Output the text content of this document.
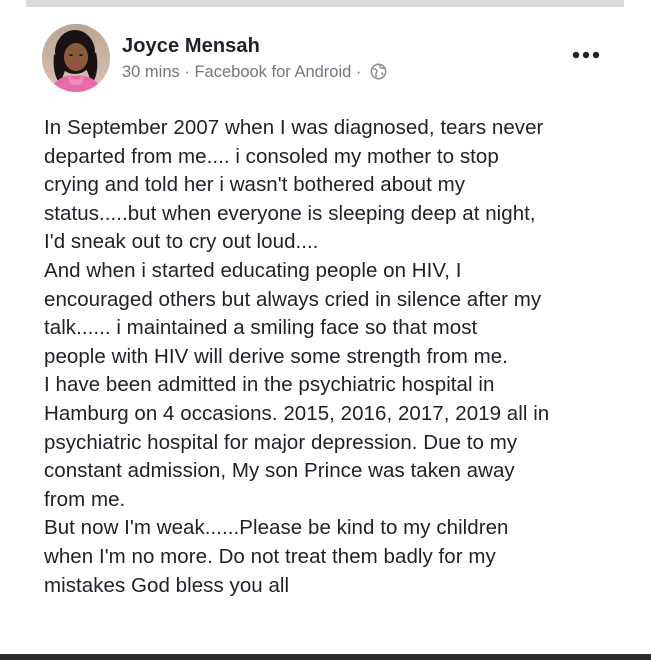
Joyce Mensah
30 mins · Facebook for Android ·
In September 2007 when I was diagnosed, tears never
departed from me.... i consoled my mother to stop
crying and told her i wasn't bothered about my
status.....but when everyone is sleeping deep at night,
I'd sneak out to cry out loud....
And when i started educating people on HIV, I
encouraged others but always cried in silence after my
talk...... i maintained a smiling face so that most
people with HIV will derive some strength from me.
I have been admitted in the psychiatric hospital in
Hamburg on 4 occasions. 2015, 2016, 2017, 2019 all in
psychiatric hospital for major depression. Due to my
constant admission, My son Prince was taken away
from me.
But now I'm weak......Please be kind to my children
when I'm no more. Do not treat them badly for my
mistakes God bless you all
